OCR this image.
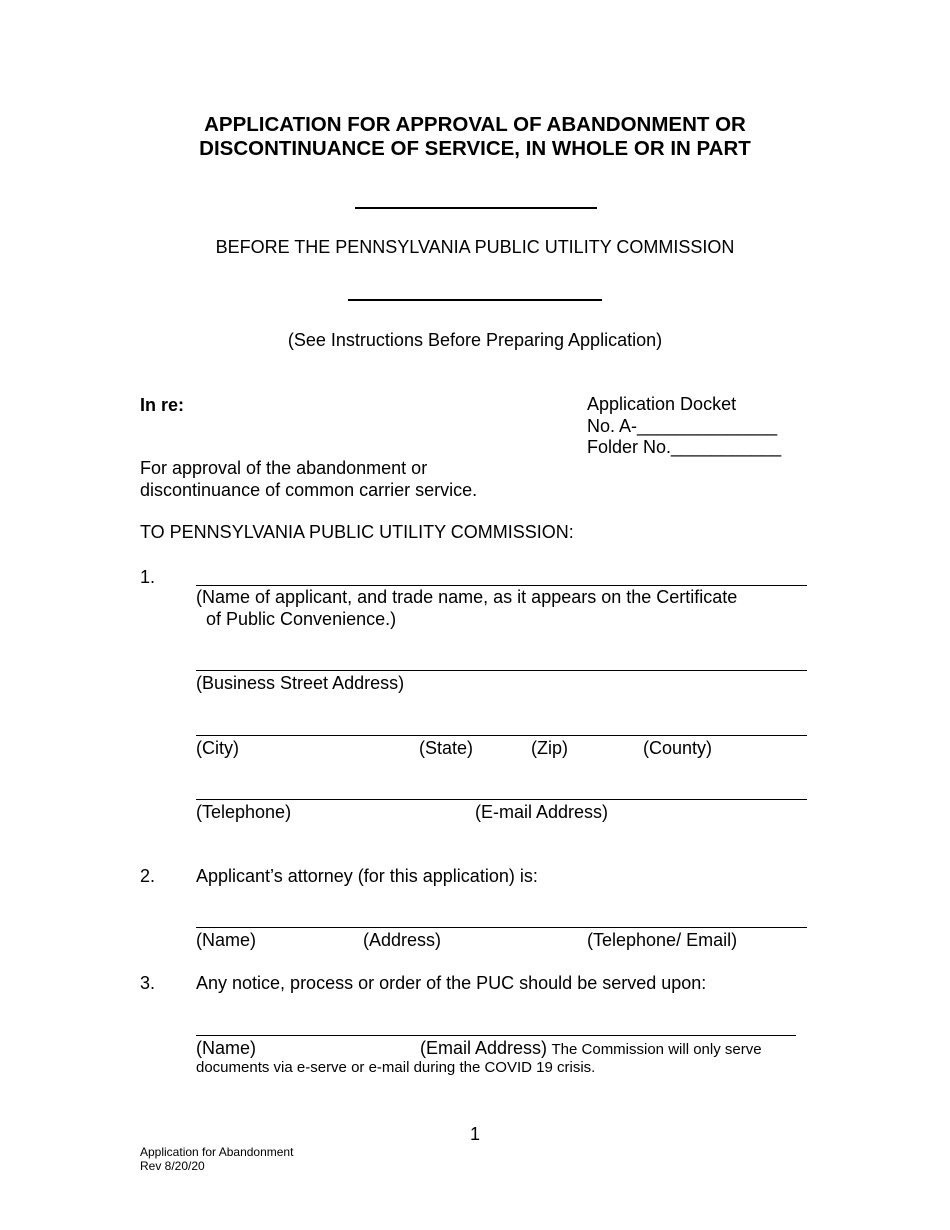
APPLICATION FOR APPROVAL OF ABANDONMENT OR
DISCONTINUANCE OF SERVICE, IN WHOLE OR IN PART
BEFORE THE PENNSYLVANIA PUBLIC UTILITY COMMISSION
(See Instructions Before Preparing Application)
In re:	Application Docket
No. A-______________
Folder No.___________
For approval of the abandonment or
discontinuance of common carrier service.
TO PENNSYLVANIA PUBLIC UTILITY COMMISSION:
1.
(Name of applicant, and trade name, as it appears on the Certificate
of Public Convenience.)
(Business Street Address)
(City)	(State)	(Zip)	(County)
(Telephone)	(E-mail Address)
2. Applicant’s attorney (for this application) is:
(Name)	(Address)	(Telephone/ Email)
3. Any notice, process or order of the PUC should be served upon:
(Name)	(Email Address) The Commission will only serve
documents via e-serve or e-mail during the COVID 19 crisis.
1
Application for Abandonment
Rev 8/20/20
